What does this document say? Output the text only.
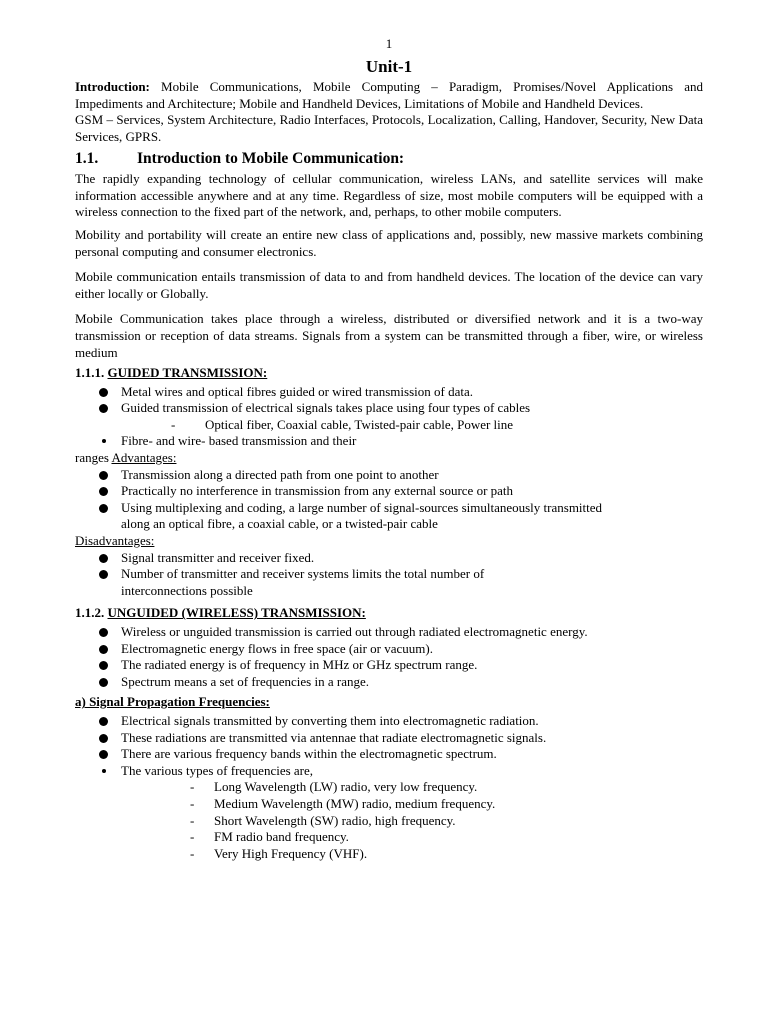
1
Unit-1

Introduction: Mobile Communications, Mobile Computing – Paradigm, Promises/Novel Applications and Impediments and Architecture; Mobile and Handheld Devices, Limitations of Mobile and Handheld Devices.

GSM – Services, System Architecture, Radio Interfaces, Protocols, Localization, Calling, Handover, Security, New Data Services, GPRS.

1.1.	Introduction to Mobile Communication:

The rapidly expanding technology of cellular communication, wireless LANs, and satellite services will make information accessible anywhere and at any time. Regardless of size, most mobile computers will be equipped with a wireless connection to the fixed part of the network, and, perhaps, to other mobile computers.

Mobility and portability will create an entire new class of applications and, possibly, new massive markets combining personal computing and consumer electronics.

Mobile communication entails transmission of data to and from handheld devices. The location of the device can vary either locally or Globally.

Mobile Communication takes place through a wireless, distributed or diversified network and it is a two-way transmission or reception of data streams. Signals from a system can be transmitted through a fiber, wire, or wireless medium

1.1.1. GUIDED TRANSMISSION:
Metal wires and optical fibres guided or wired transmission of data.
Guided transmission of electrical signals takes place using four types of cables
- Optical fiber, Coaxial cable, Twisted-pair cable, Power line
Fibre- and wire- based transmission and their
ranges Advantages:
Transmission along a directed path from one point to another
Practically no interference in transmission from any external source or path
Using multiplexing and coding, a large number of signal-sources simultaneously transmitted along an optical fibre, a coaxial cable, or a twisted-pair cable
Disadvantages:
Signal transmitter and receiver fixed.
Number of transmitter and receiver systems limits the total number of interconnections possible
1.1.2. UNGUIDED (WIRELESS) TRANSMISSION:
Wireless or unguided transmission is carried out through radiated electromagnetic energy.
Electromagnetic energy flows in free space (air or vacuum).
The radiated energy is of frequency in MHz or GHz spectrum range.
Spectrum means a set of frequencies in a range.
a) Signal Propagation Frequencies:
Electrical signals transmitted by converting them into electromagnetic radiation.
These radiations are transmitted via antennae that radiate electromagnetic signals.
There are various frequency bands within the electromagnetic spectrum.
The various types of frequencies are,
- Long Wavelength (LW) radio, very low frequency.
- Medium Wavelength (MW) radio, medium frequency.
- Short Wavelength (SW) radio, high frequency.
- FM radio band frequency.
- Very High Frequency (VHF).
